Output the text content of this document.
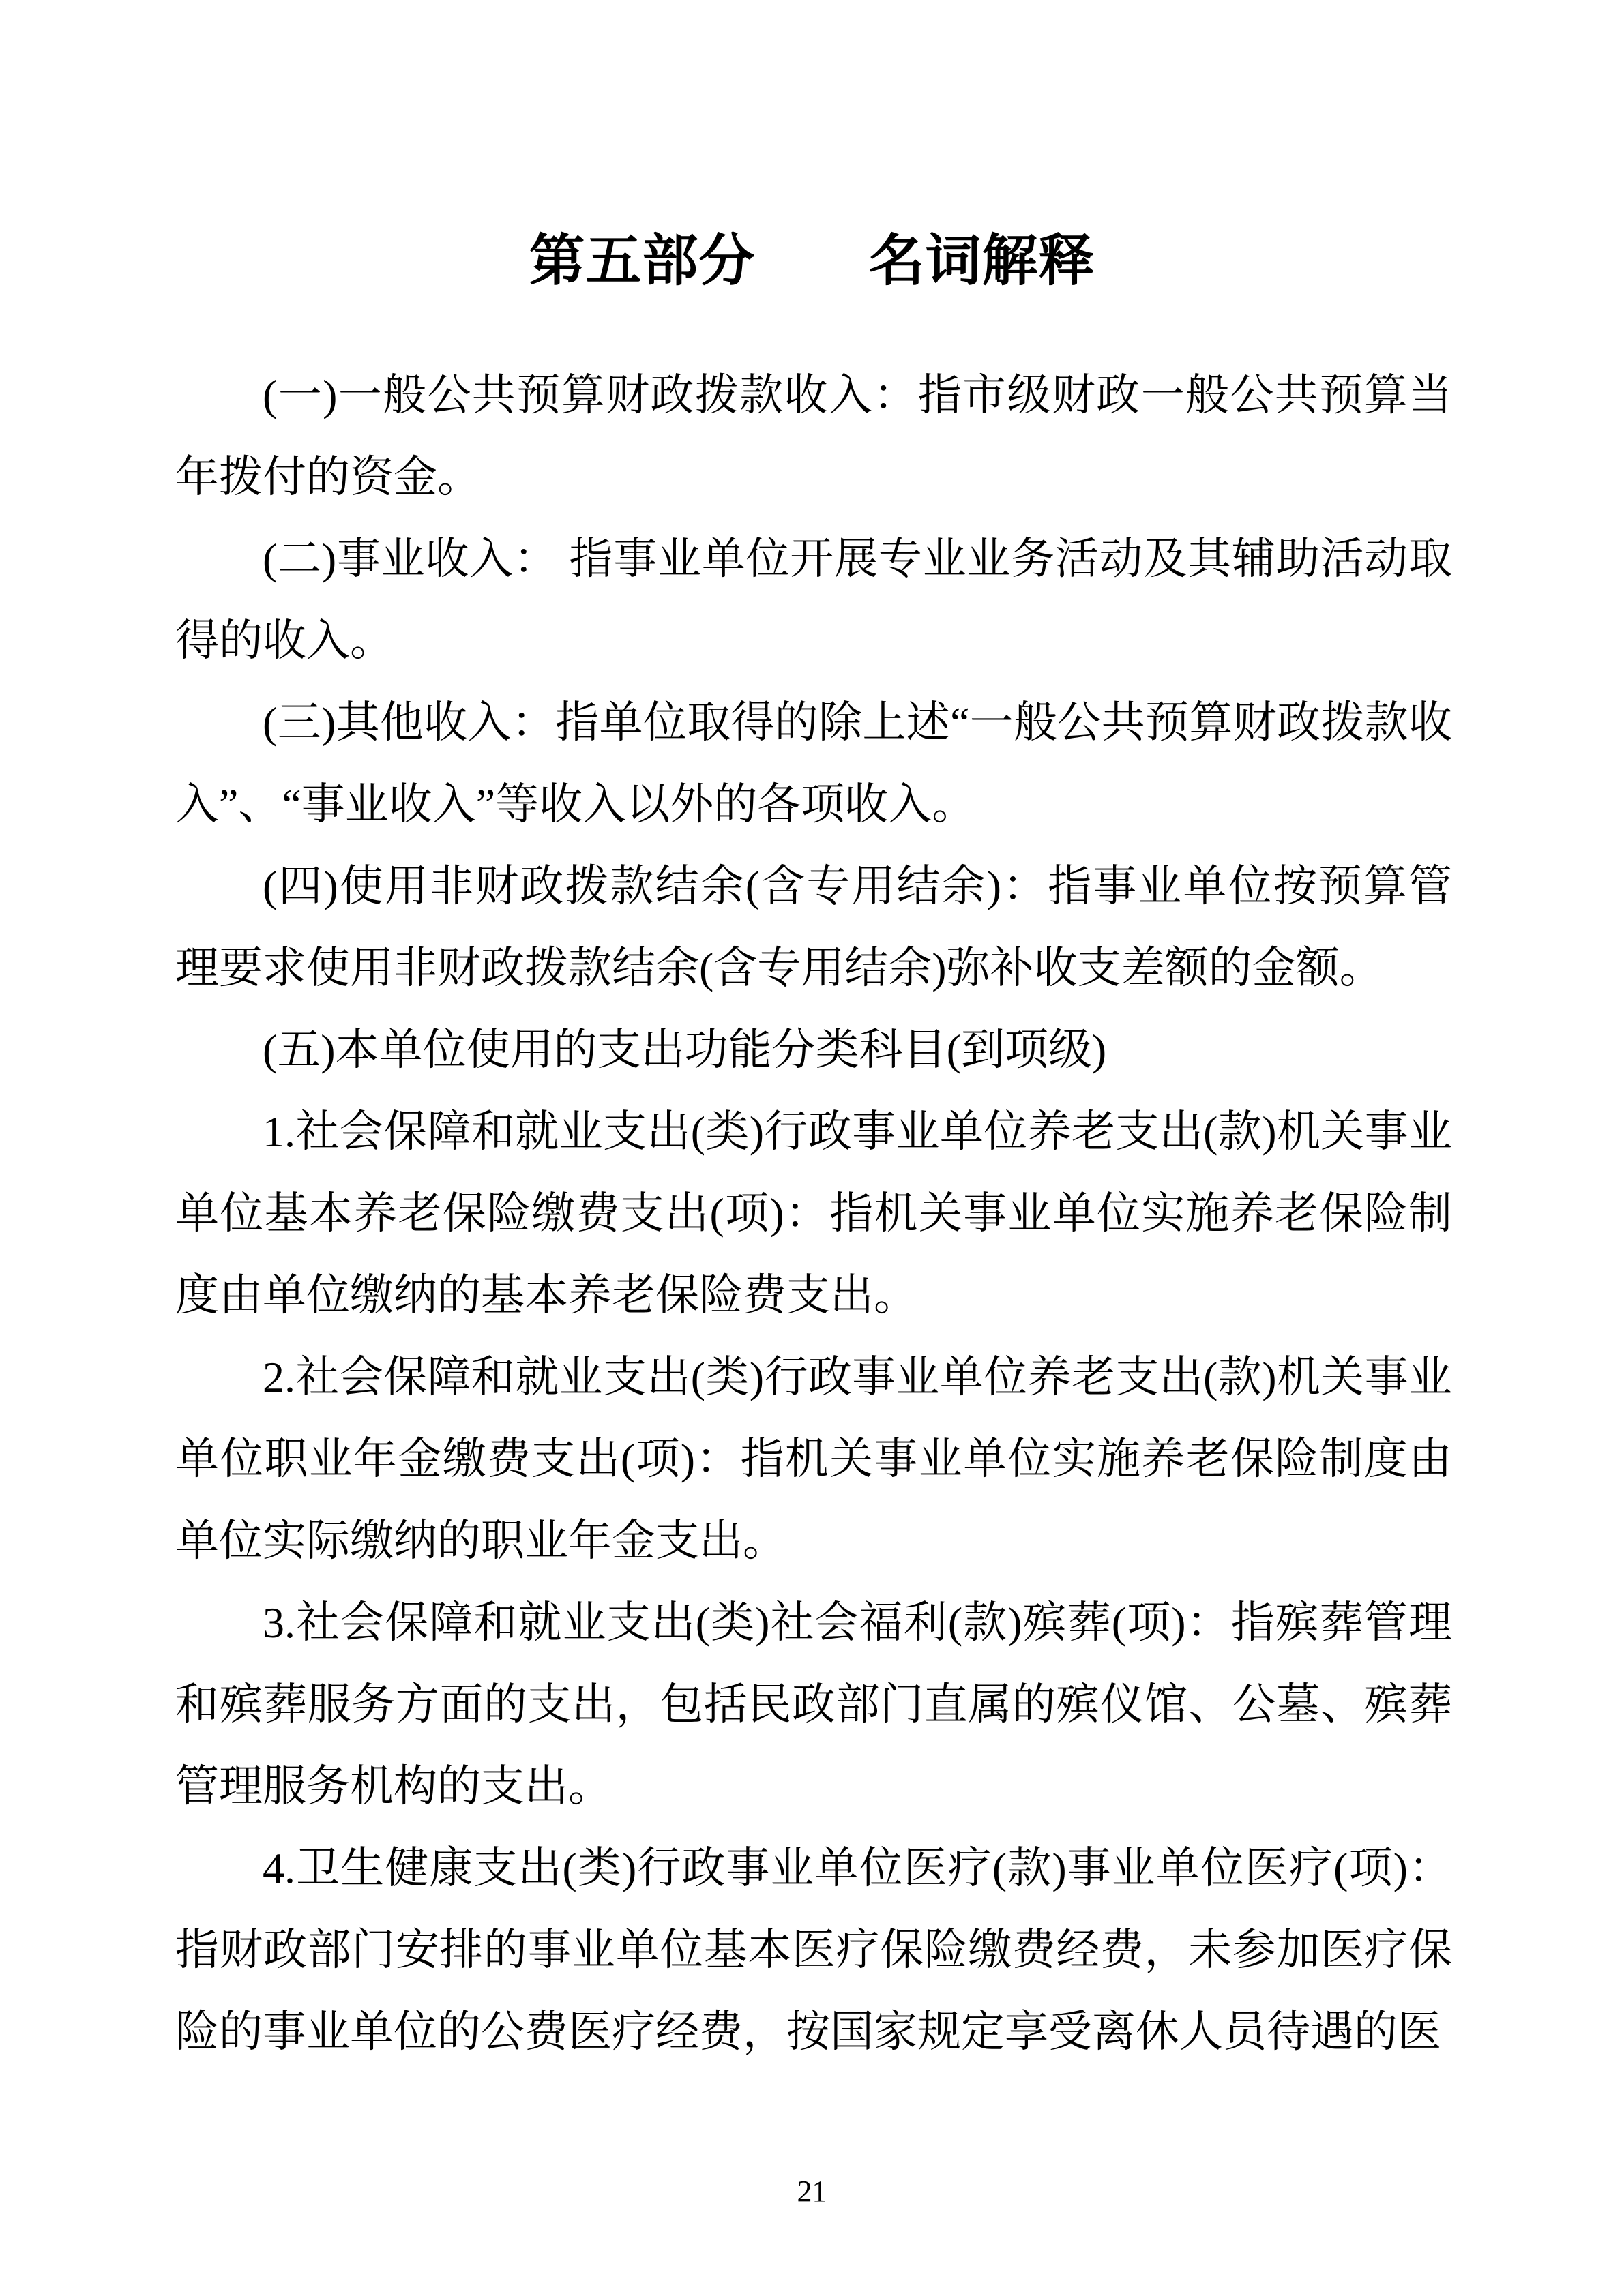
第五部分　　名词解释

(一)一般公共预算财政拨款收入：指市级财政一般公共预算当年拨付的资金。

(二)事业收入： 指事业单位开展专业业务活动及其辅助活动取得的收入。

(三)其他收入：指单位取得的除上述“一般公共预算财政拨款收入”、“事业收入”等收入以外的各项收入。

(四)使用非财政拨款结余(含专用结余)：指事业单位按预算管理要求使用非财政拨款结余(含专用结余)弥补收支差额的金额。

(五)本单位使用的支出功能分类科目(到项级)

1.社会保障和就业支出(类)行政事业单位养老支出(款)机关事业单位基本养老保险缴费支出(项)：指机关事业单位实施养老保险制度由单位缴纳的基本养老保险费支出。

2.社会保障和就业支出(类)行政事业单位养老支出(款)机关事业单位职业年金缴费支出(项)：指机关事业单位实施养老保险制度由单位实际缴纳的职业年金支出。

3.社会保障和就业支出(类)社会福利(款)殡葬(项)：指殡葬管理和殡葬服务方面的支出，包括民政部门直属的殡仪馆、公墓、殡葬管理服务机构的支出。

4.卫生健康支出(类)行政事业单位医疗(款)事业单位医疗(项)：指财政部门安排的事业单位基本医疗保险缴费经费，未参加医疗保险的事业单位的公费医疗经费，按国家规定享受离休人员待遇的医

21
